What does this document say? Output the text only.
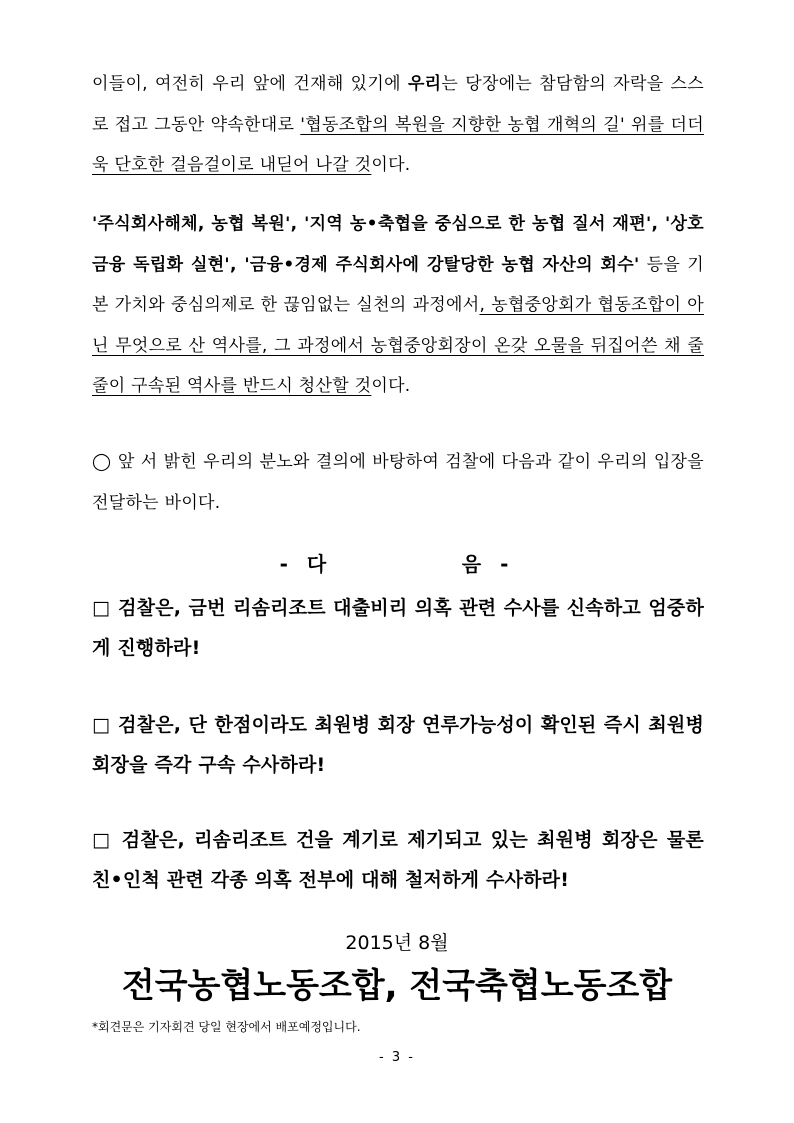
이들이, 여전히 우리 앞에 건재해 있기에 우리는 당장에는 참담함의 자락을 스스로 접고 그동안 약속한대로 '협동조합의 복원을 지향한 농협 개혁의 길' 위를 더더욱 단호한 걸음걸이로 내딛어 나갈 것이다.
'주식회사해체, 농협 복원', '지역 농•축협을 중심으로 한 농협 질서 재편', '상호금융 독립화 실현', '금융•경제 주식회사에 강탈당한 농협 자산의 회수' 등을 기본 가치와 중심의제로 한 끊임없는 실천의 과정에서, 농협중앙회가 협동조합이 아닌 무엇으로 산 역사를, 그 과정에서 농협중앙회장이 온갖 오물을 뒤집어쓴 채 줄줄이 구속된 역사를 반드시 청산할 것이다.
◯ 앞 서 밝힌 우리의 분노와 결의에 바탕하여 검찰에 다음과 같이 우리의 입장을 전달하는 바이다.
- 다          음 -
□ 검찰은, 금번 리솜리조트 대출비리 의혹 관련 수사를 신속하고 엄중하게 진행하라!
□ 검찰은, 단 한점이라도 최원병 회장 연루가능성이 확인된 즉시 최원병 회장을 즉각 구속 수사하라!
□ 검찰은, 리솜리조트 건을 계기로 제기되고 있는 최원병 회장은 물론 친•인척 관련 각종 의혹 전부에 대해 철저하게 수사하라!
2015년 8월
전국농협노동조합, 전국축협노동조합
*회견문은 기자회견 당일 현장에서 배포예정입니다.
- 3 -
